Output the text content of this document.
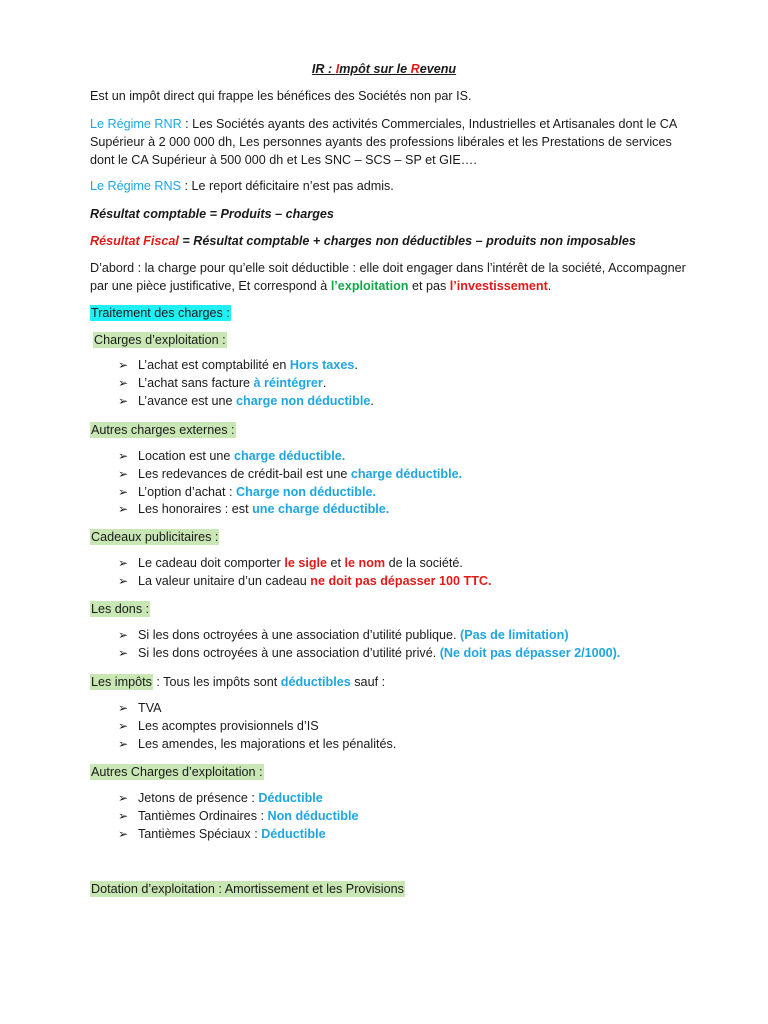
IR : Impôt sur le Revenu
Est un impôt direct qui frappe les bénéfices des Sociétés non par IS.
Le Régime RNR : Les Sociétés ayants des activités Commerciales, Industrielles et Artisanales dont le CA Supérieur à 2 000 000 dh, Les personnes ayants des professions libérales et les Prestations de services dont le CA Supérieur à 500 000 dh et Les SNC – SCS – SP et GIE….
Le Régime RNS : Le report déficitaire n’est pas admis.
Résultat comptable = Produits – charges
Résultat Fiscal = Résultat comptable + charges non déductibles – produits non imposables
D’abord : la charge pour qu’elle soit déductible : elle doit engager dans l’intérêt de la société, Accompagner par une pièce justificative, Et correspond à l’exploitation et pas l’investissement.
Traitement des charges :
Charges d’exploitation :
➢ L’achat est comptabilité en Hors taxes.
➢ L’achat sans facture à réintégrer.
➢ L’avance est une charge non déductible.
Autres charges externes :
➢ Location est une charge déductible.
➢ Les redevances de crédit-bail est une charge déductible.
➢ L’option d’achat : Charge non déductible.
➢ Les honoraires : est une charge déductible.
Cadeaux publicitaires :
➢ Le cadeau doit comporter le sigle et le nom de la société.
➢ La valeur unitaire d’un cadeau ne doit pas dépasser 100 TTC.
Les dons :
➢ Si les dons octroyées à une association d’utilité publique. (Pas de limitation)
➢ Si les dons octroyées à une association d’utilité privé. (Ne doit pas dépasser 2/1000).
Les impôts : Tous les impôts sont déductibles sauf :
➢ TVA
➢ Les acomptes provisionnels d’IS
➢ Les amendes, les majorations et les pénalités.
Autres Charges d’exploitation :
➢ Jetons de présence : Déductible
➢ Tantièmes Ordinaires : Non déductible
➢ Tantièmes Spéciaux : Déductible
Dotation d’exploitation : Amortissement et les Provisions
